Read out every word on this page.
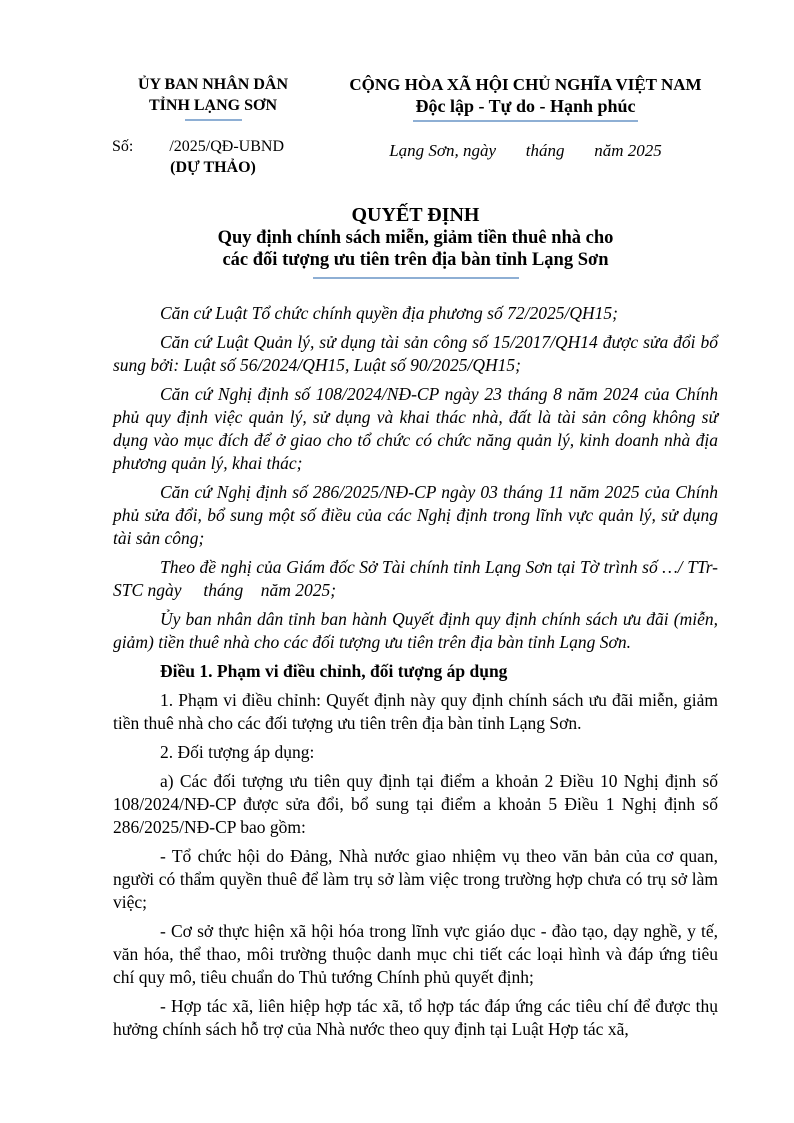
ỦY BAN NHÂN DÂN
TỈNH LẠNG SƠN
Số: /2025/QĐ-UBND
(DỰ THẢO)
CỘNG HÒA XÃ HỘI CHỦ NGHĨA VIỆT NAM
Độc lập - Tự do - Hạnh phúc
Lạng Sơn, ngày       tháng       năm 2025
QUYẾT ĐỊNH
Quy định chính sách miễn, giảm tiền thuê nhà cho
các đối tượng ưu tiên trên địa bàn tỉnh Lạng Sơn

Căn cứ Luật Tổ chức chính quyền địa phương số 72/2025/QH15;

Căn cứ Luật Quản lý, sử dụng tài sản công số 15/2017/QH14 được sửa đổi bổ sung bởi: Luật số 56/2024/QH15, Luật số 90/2025/QH15;

Căn cứ Nghị định số 108/2024/NĐ-CP ngày 23 tháng 8 năm 2024 của Chính phủ quy định việc quản lý, sử dụng và khai thác nhà, đất là tài sản công không sử dụng vào mục đích để ở giao cho tổ chức có chức năng quản lý, kinh doanh nhà địa phương quản lý, khai thác;

Căn cứ Nghị định số 286/2025/NĐ-CP ngày 03 tháng 11 năm 2025 của Chính phủ sửa đổi, bổ sung một số điều của các Nghị định trong lĩnh vực quản lý, sử dụng tài sản công;

Theo đề nghị của Giám đốc Sở Tài chính tỉnh Lạng Sơn tại Tờ trình số …/ TTr-STC ngày     tháng    năm 2025;

Ủy ban nhân dân tỉnh ban hành Quyết định quy định chính sách ưu đãi (miễn, giảm) tiền thuê nhà cho các đối tượng ưu tiên trên địa bàn tỉnh Lạng Sơn.

Điều 1. Phạm vi điều chỉnh, đối tượng áp dụng

1. Phạm vi điều chỉnh: Quyết định này quy định chính sách ưu đãi miễn, giảm tiền thuê nhà cho các đối tượng ưu tiên trên địa bàn tỉnh Lạng Sơn.

2. Đối tượng áp dụng:

a) Các đối tượng ưu tiên quy định tại điểm a khoản 2 Điều 10 Nghị định số 108/2024/NĐ-CP được sửa đổi, bổ sung tại điểm a khoản 5 Điều 1 Nghị định số 286/2025/NĐ-CP bao gồm:

- Tổ chức hội do Đảng, Nhà nước giao nhiệm vụ theo văn bản của cơ quan, người có thẩm quyền thuê để làm trụ sở làm việc trong trường hợp chưa có trụ sở làm việc;

- Cơ sở thực hiện xã hội hóa trong lĩnh vực giáo dục - đào tạo, dạy nghề, y tế, văn hóa, thể thao, môi trường thuộc danh mục chi tiết các loại hình và đáp ứng tiêu chí quy mô, tiêu chuẩn do Thủ tướng Chính phủ quyết định;

- Hợp tác xã, liên hiệp hợp tác xã, tổ hợp tác đáp ứng các tiêu chí để được thụ hưởng chính sách hỗ trợ của Nhà nước theo quy định tại Luật Hợp tác xã,
